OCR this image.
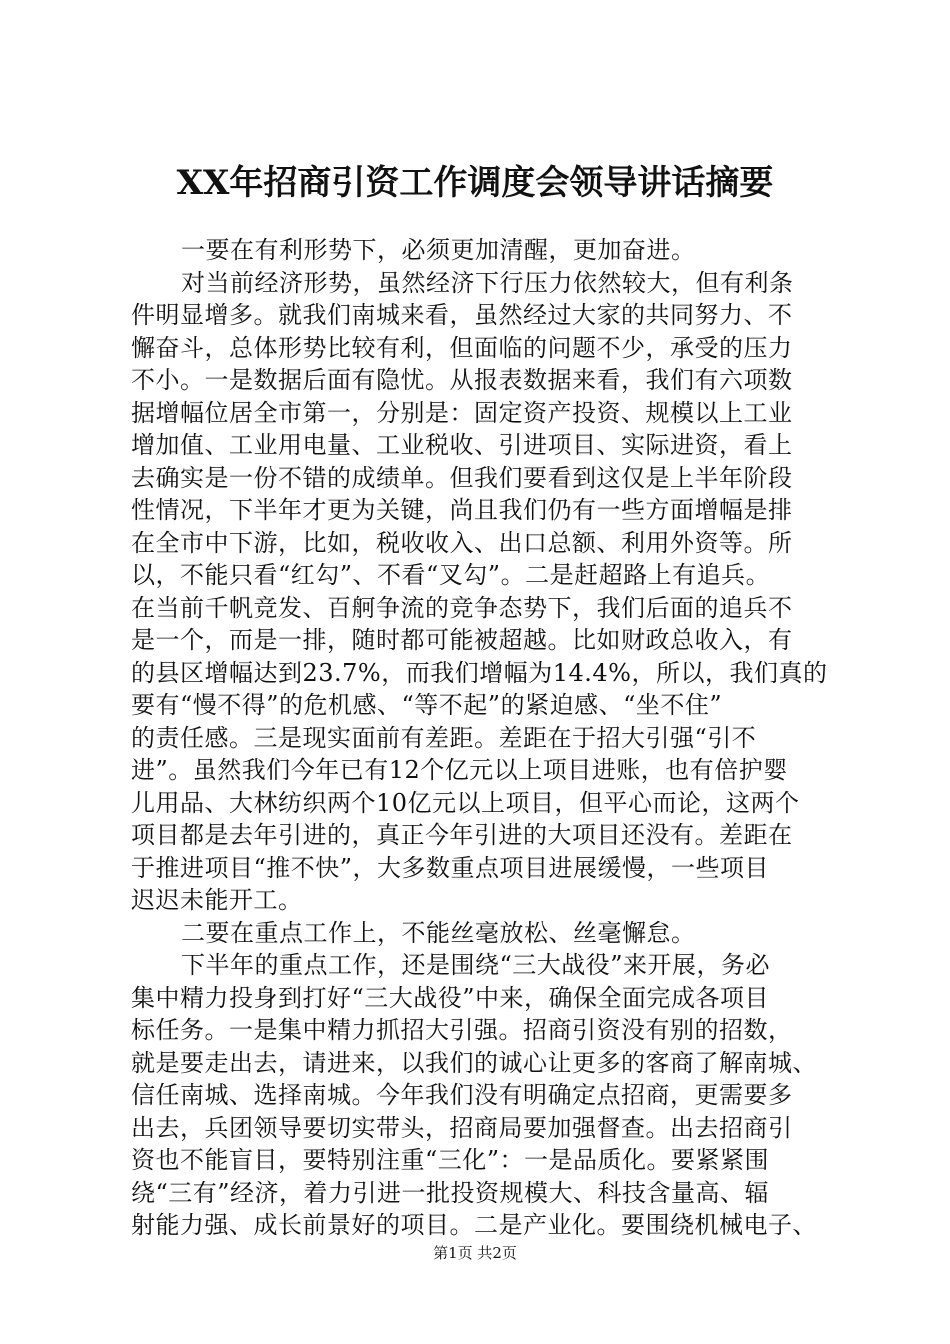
XX年招商引资工作调度会领导讲话摘要
一要在有利形势下，必须更加清醒，更加奋进。
对当前经济形势，虽然经济下行压力依然较大，但有利条
件明显增多。就我们南城来看，虽然经过大家的共同努力、不
懈奋斗，总体形势比较有利，但面临的问题不少，承受的压力
不小。一是数据后面有隐忧。从报表数据来看，我们有六项数
据增幅位居全市第一，分别是：固定资产投资、规模以上工业
增加值、工业用电量、工业税收、引进项目、实际进资，看上
去确实是一份不错的成绩单。但我们要看到这仅是上半年阶段
性情况，下半年才更为关键，尚且我们仍有一些方面增幅是排
在全市中下游，比如，税收收入、出口总额、利用外资等。所
以，不能只看“红勾”、不看“叉勾”。二是赶超路上有追兵。
在当前千帆竞发、百舸争流的竞争态势下，我们后面的追兵不
是一个，而是一排，随时都可能被超越。比如财政总收入，有
的县区增幅达到23.7%，而我们增幅为14.4%，所以，我们真的
要有“慢不得”的危机感、“等不起”的紧迫感、“坐不住”
的责任感。三是现实面前有差距。差距在于招大引强“引不
进”。虽然我们今年已有12个亿元以上项目进账，也有倍护婴
儿用品、大林纺织两个10亿元以上项目，但平心而论，这两个
项目都是去年引进的，真正今年引进的大项目还没有。差距在
于推进项目“推不快”，大多数重点项目进展缓慢，一些项目
迟迟未能开工。
二要在重点工作上，不能丝毫放松、丝毫懈怠。
下半年的重点工作，还是围绕“三大战役”来开展，务必
集中精力投身到打好“三大战役”中来，确保全面完成各项目
标任务。一是集中精力抓招大引强。招商引资没有别的招数，
就是要走出去，请进来，以我们的诚心让更多的客商了解南城、
信任南城、选择南城。今年我们没有明确定点招商，更需要多
出去，兵团领导要切实带头，招商局要加强督查。出去招商引
资也不能盲目，要特别注重“三化”：一是品质化。要紧紧围
绕“三有”经济，着力引进一批投资规模大、科技含量高、辐
射能力强、成长前景好的项目。二是产业化。要围绕机械电子、
第1页 共2页
